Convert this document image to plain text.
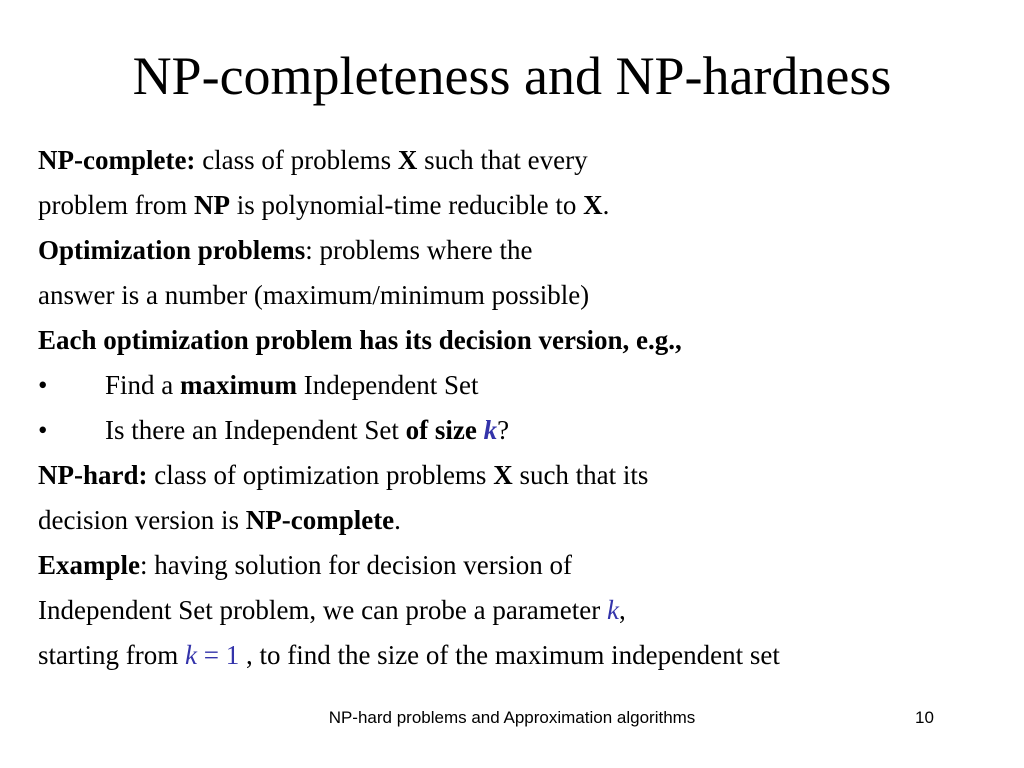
NP-completeness and NP-hardness
NP-complete: class of problems X such that every
problem from NP is polynomial-time reducible to X.
Optimization problems: problems where the
answer is a number (maximum/minimum possible)
Each optimization problem has its decision version, e.g.,
• Find a maximum Independent Set
• Is there an Independent Set of size k?
NP-hard: class of optimization problems X such that its
decision version is NP-complete.
Example: having solution for decision version of
Independent Set problem, we can probe a parameter k,
starting from k = 1 , to find the size of the maximum independent set
NP-hard problems and Approximation algorithms	10
